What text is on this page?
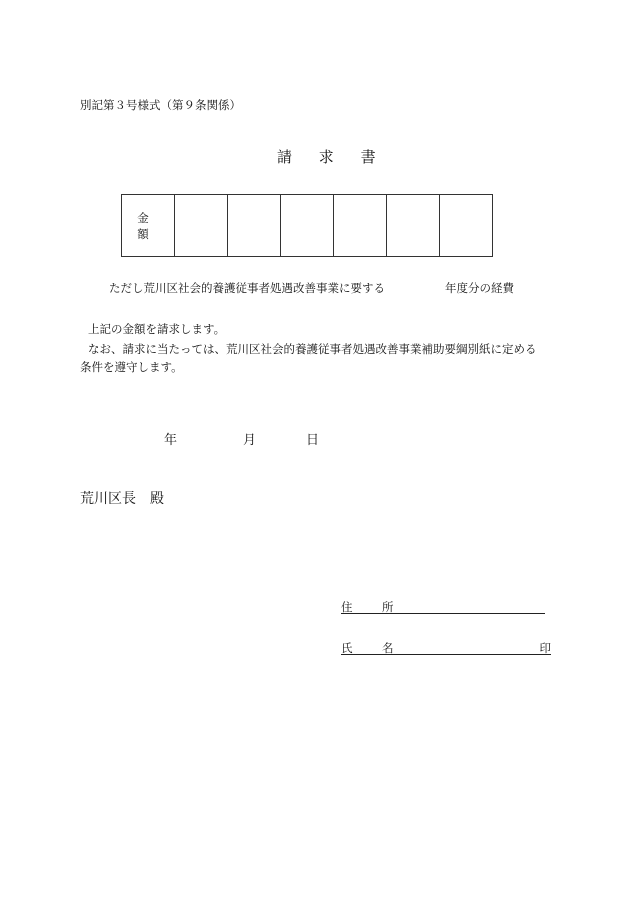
別記第３号様式（第９条関係）
請 求 書
金　額						
ただし荒川区社会的養護従事者処遇改善事業に要する	年度分の経費
上記の金額を請求します。
なお、請求に当たっては、荒川区社会的養護従事者処遇改善事業補助要綱別紙に定める
条件を遵守します。
年	月	日
荒川区長　殿
住　所
氏　名	印
